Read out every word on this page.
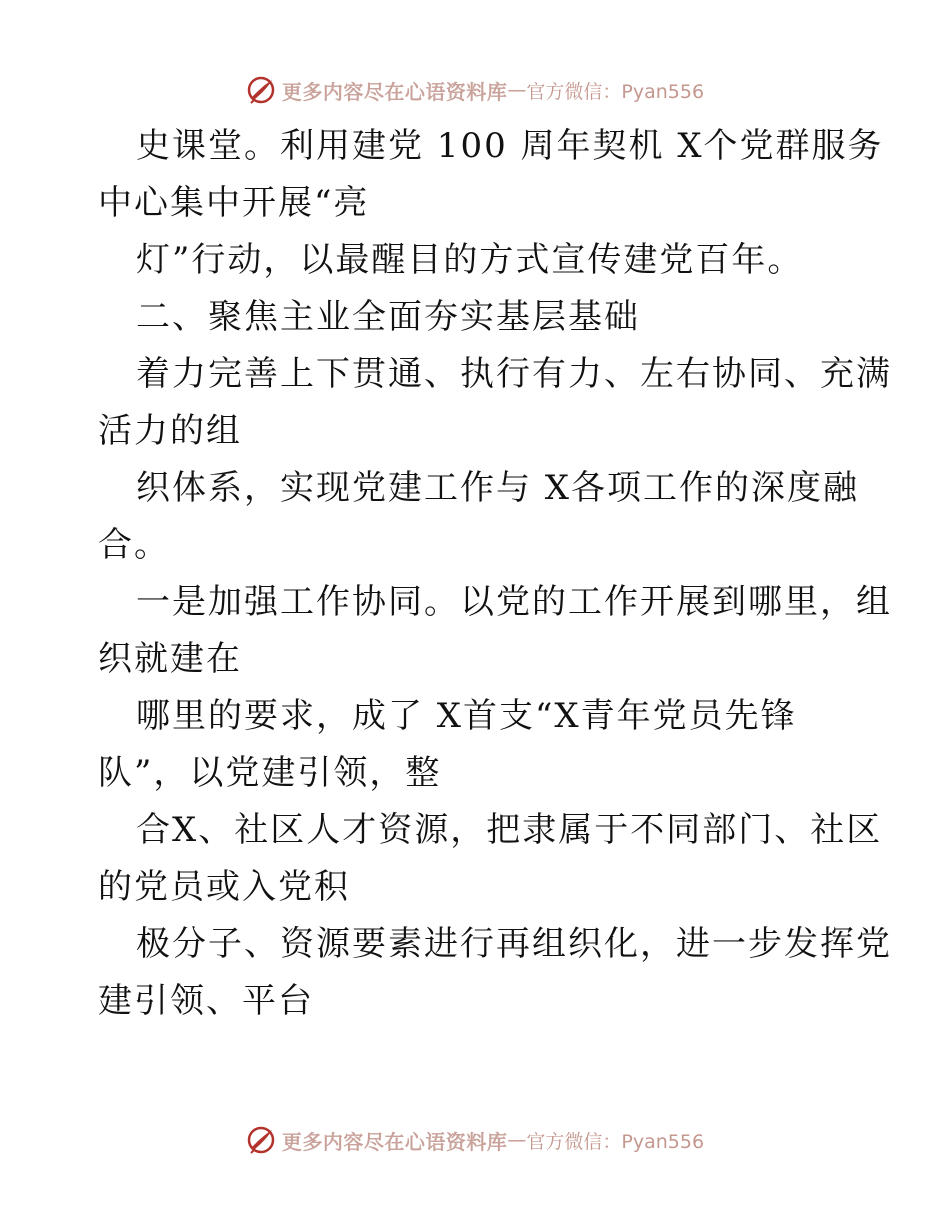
更多内容尽在心语资料库 — 官方微信：Pyan556
史课堂。利用建党 100 周年契机 X个党群服务
中心集中开展“亮
灯”行动，以最醒目的方式宣传建党百年。
二、聚焦主业全面夯实基层基础
着力完善上下贯通、执行有力、左右协同、充满
活力的组
织体系，实现党建工作与 X各项工作的深度融
合。
一是加强工作协同。以党的工作开展到哪里，组
织就建在
哪里的要求，成了 X首支“X青年党员先锋
队”，以党建引领，整
合X、社区人才资源，把隶属于不同部门、社区
的党员或入党积
极分子、资源要素进行再组织化，进一步发挥党
建引领、平台
更多内容尽在心语资料库 — 官方微信：Pyan556
